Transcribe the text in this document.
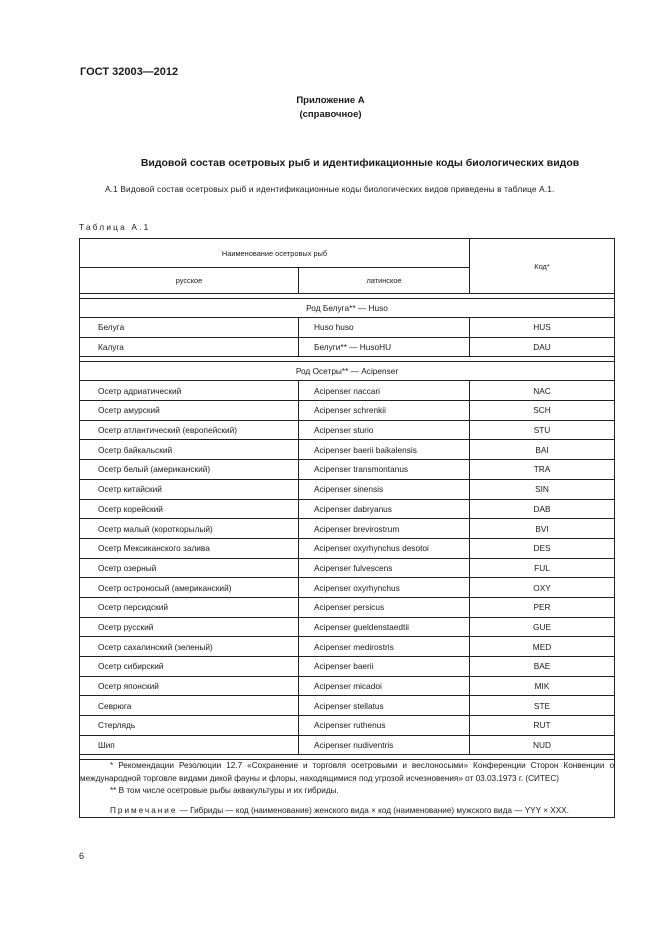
ГОСТ 32003—2012
Приложение А
(справочное)
Видовой состав осетровых рыб и идентификационные коды биологических видов
А.1 Видовой состав осетровых рыб и идентификационные коды биологических видов приведены в таблице А.1.
Таблица А.1
Наименование осетровых рыб		Код*
русское	латинское	

Род Белуга** — Huso		
Белуга	Huso huso	HUS
Калуга	Белуги** — HusoHU	DAU

Род Осетры** — Acipenser		
Осетр адриатический	Acipenser naccari	NAC
Осетр амурский	Acipenser schrenkii	SCH
Осетр атлантический (европейский)	Acipenser sturio	STU
Осетр байкальский	Acipenser baerii baikalensis	BAI
Осетр белый (американский)	Acipenser transmontanus	TRA
Осетр китайский	Acipenser sinensis	SIN
Осетр корейский	Acipenser dabryanus	DAB
Осетр малый (короткорылый)	Acipenser brevirostrum	BVI
Осетр Мексиканского залива	Acipenser oxyrhynchus desotoi	DES
Осетр озерный	Acipenser fulvescens	FUL
Осетр остроносый (американский)	Acipenser oxyrhynchus	OXY
Осетр персидский	Acipenser persicus	PER
Осетр русский	Acipenser gueldenstaedtii	GUE
Осетр сахалинский (зеленый)	Acipenser medirostris	MED
Осетр сибирский	Acipenser baerii	BAE
Осетр японский	Acipenser micadoi	MIK
Севрюга	Acipenser stellatus	STE
Стерлядь	Acipenser ruthenus	RUT
Шип	Acipenser nudiventris	NUD

* Рекомендации Резолюции 12.7 «Сохранение и торговля осетровыми и веслоносыми» Конференции Сторон Конвенции о международной торговле видами дикой фауны и флоры, находящимися под угрозой исчезновения» от 03.03.1973 г. (СИТЕС)

** В том числе осетровые рыбы аквакультуры и их гибриды.

Примечание — Гибриды — код (наименование) женского вида × код (наименование) мужского вида — YYY × XXX.		

6
